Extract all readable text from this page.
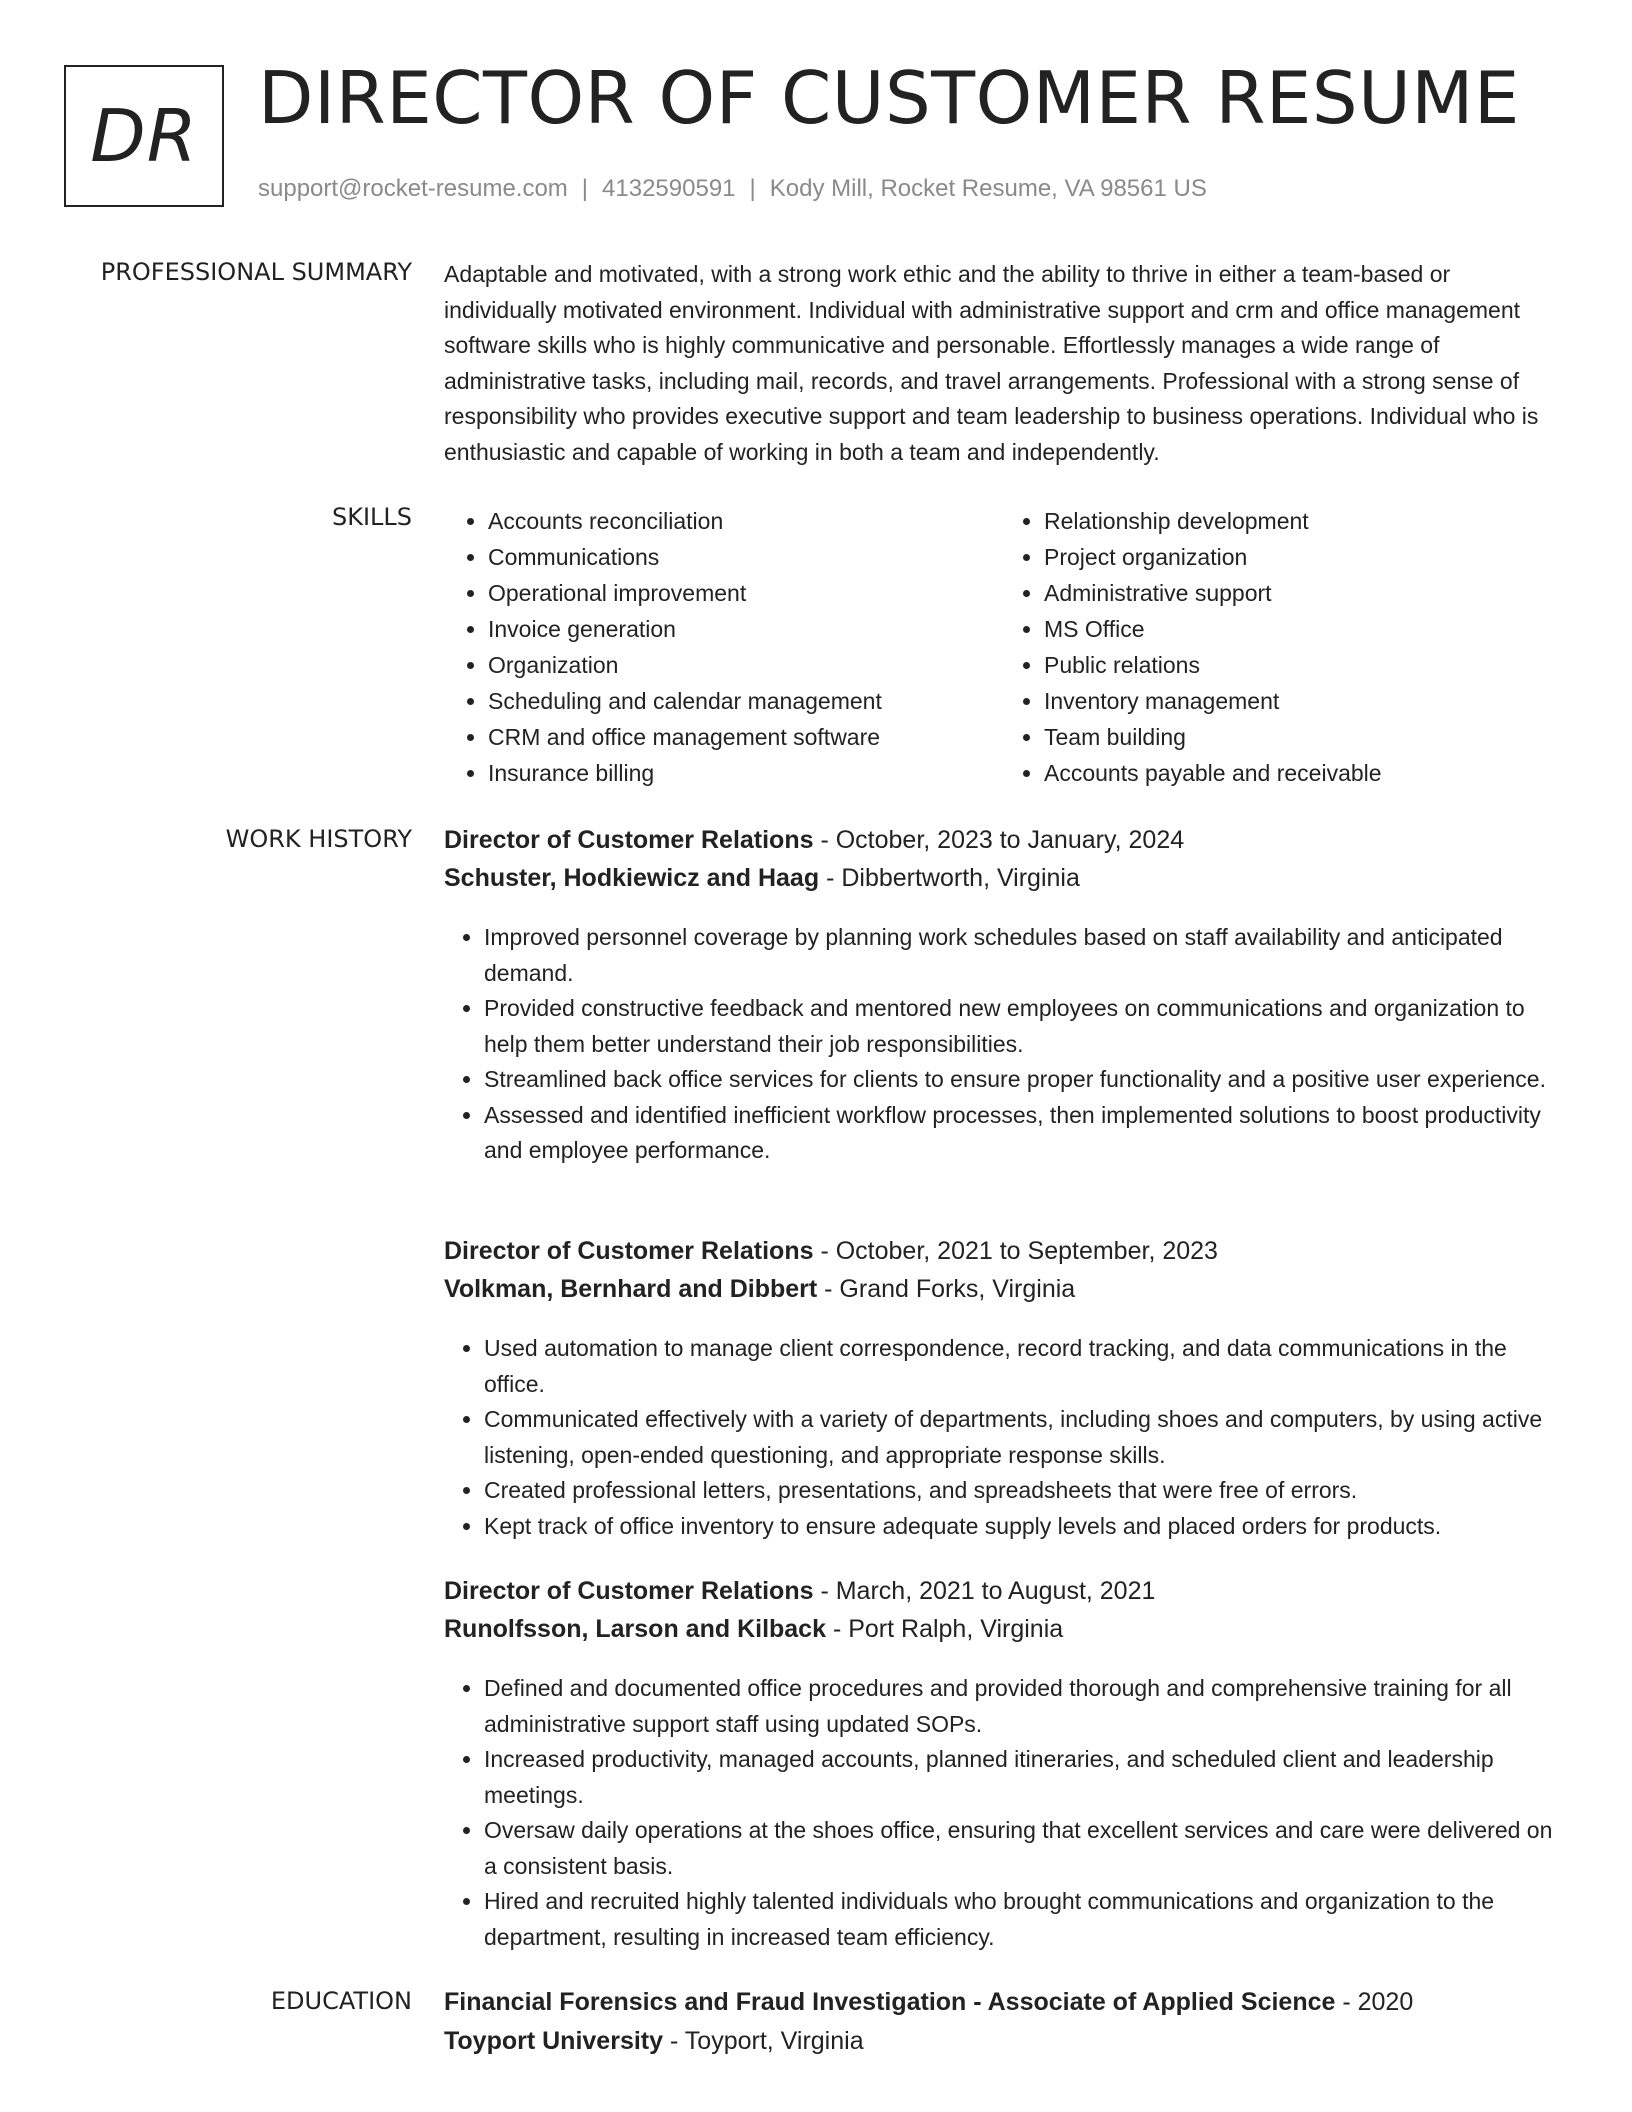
DR DIRECTOR OF CUSTOMER RESUME
support@rocket-resume.com | 4132590591 | Kody Mill, Rocket Resume, VA 98561 US
PROFESSIONAL SUMMARY Adaptable and motivated, with a strong work ethic and the ability to thrive in either a team-based or individually motivated environment. Individual with administrative support and crm and office management software skills who is highly communicative and personable. Effortlessly manages a wide range of administrative tasks, including mail, records, and travel arrangements. Professional with a strong sense of responsibility who provides executive support and team leadership to business operations. Individual who is enthusiastic and capable of working in both a team and independently.

SKILLS
•	Accounts reconciliation
• Communications
• Operational improvement
• Invoice generation
• Organization
• Scheduling and calendar management
• CRM and office management software
• Insurance billing
• Relationship development
• Project organization
• Administrative support
• MS Office
• Public relations
• Inventory management
• Team building
• Accounts payable and receivable
WORK HISTORY Director of Customer Relations - October, 2023 to January, 2024
Schuster, Hodkiewicz and Haag - Dibbertworth, Virginia
• Improved personnel coverage by planning work schedules based on staff availability and anticipated demand.
• Provided constructive feedback and mentored new employees on communications and organization to help them better understand their job responsibilities.
• Streamlined back office services for clients to ensure proper functionality and a positive user experience.
• Assessed and identified inefficient workflow processes, then implemented solutions to boost productivity and employee performance.
Director of Customer Relations - October, 2021 to September, 2023
Volkman, Bernhard and Dibbert - Grand Forks, Virginia
• Used automation to manage client correspondence, record tracking, and data communications in the office.
• Communicated effectively with a variety of departments, including shoes and computers, by using active listening, open-ended questioning, and appropriate response skills.
• Created professional letters, presentations, and spreadsheets that were free of errors.
• Kept track of office inventory to ensure adequate supply levels and placed orders for products.
Director of Customer Relations - March, 2021 to August, 2021
Runolfsson, Larson and Kilback - Port Ralph, Virginia
• Defined and documented office procedures and provided thorough and comprehensive training for all administrative support staff using updated SOPs.
• Increased productivity, managed accounts, planned itineraries, and scheduled client and leadership meetings.
• Oversaw daily operations at the shoes office, ensuring that excellent services and care were delivered on a consistent basis.
• Hired and recruited highly talented individuals who brought communications and organization to the department, resulting in increased team efficiency.
EDUCATION Financial Forensics and Fraud Investigation - Associate of Applied Science - 2020
Toyport University - Toyport, Virginia
